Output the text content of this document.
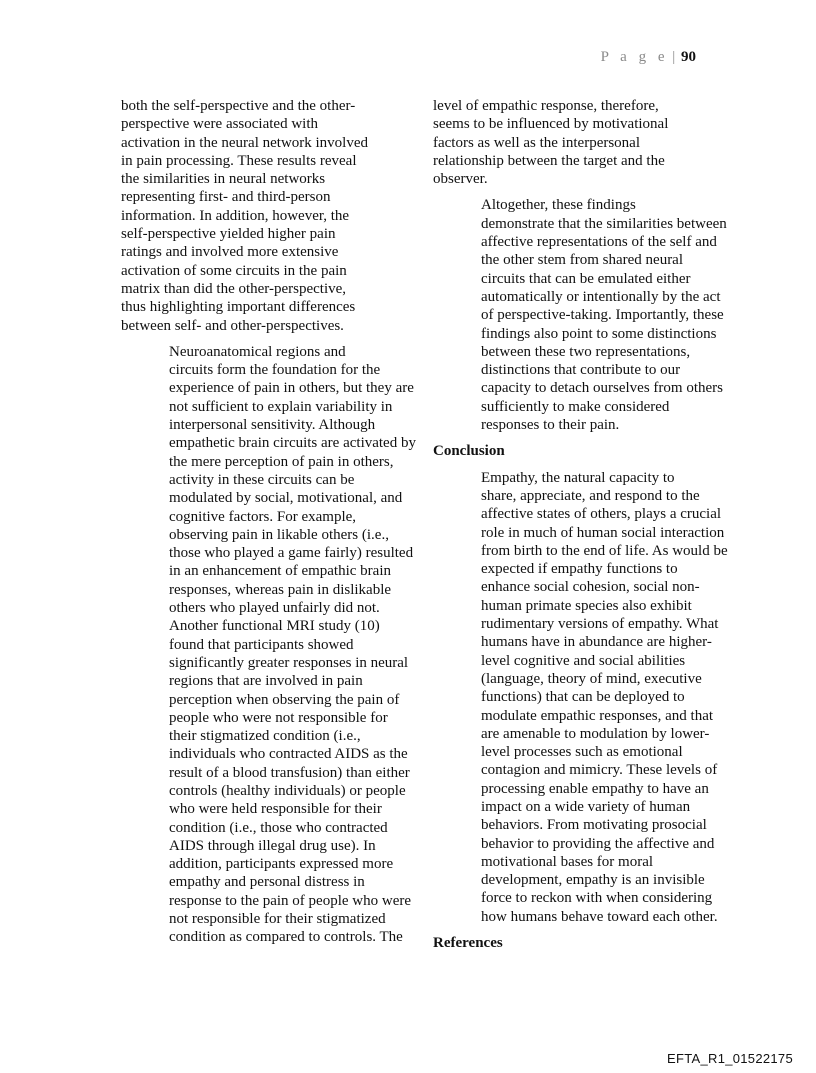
P a g e | 90

both the self-perspective and the other-
perspective were associated with
activation in the neural network involved
in pain processing. These results reveal
the similarities in neural networks
representing first- and third-person
information. In addition, however, the
self-perspective yielded higher pain
ratings and involved more extensive
activation of some circuits in the pain
matrix than did the other-perspective,
thus highlighting important differences
between self- and other-perspectives.

Neuroanatomical regions and
circuits form the foundation for the
experience of pain in others, but they are
not sufficient to explain variability in
interpersonal sensitivity. Although
empathetic brain circuits are activated by
the mere perception of pain in others,
activity in these circuits can be
modulated by social, motivational, and
cognitive factors. For example,
observing pain in likable others (i.e.,
those who played a game fairly) resulted
in an enhancement of empathic brain
responses, whereas pain in dislikable
others who played unfairly did not.
Another functional MRI study (10)
found that participants showed
significantly greater responses in neural
regions that are involved in pain
perception when observing the pain of
people who were not responsible for
their stigmatized condition (i.e.,
individuals who contracted AIDS as the
result of a blood transfusion) than either
controls (healthy individuals) or people
who were held responsible for their
condition (i.e., those who contracted
AIDS through illegal drug use). In
addition, participants expressed more
empathy and personal distress in
response to the pain of people who were
not responsible for their stigmatized
condition as compared to controls. The

level of empathic response, therefore,
seems to be influenced by motivational
factors as well as the interpersonal
relationship between the target and the
observer.

Altogether, these findings
demonstrate that the similarities between
affective representations of the self and
the other stem from shared neural
circuits that can be emulated either
automatically or intentionally by the act
of perspective-taking. Importantly, these
findings also point to some distinctions
between these two representations,
distinctions that contribute to our
capacity to detach ourselves from others
sufficiently to make considered
responses to their pain.

Conclusion

Empathy, the natural capacity to
share, appreciate, and respond to the
affective states of others, plays a crucial
role in much of human social interaction
from birth to the end of life. As would be
expected if empathy functions to
enhance social cohesion, social non-
human primate species also exhibit
rudimentary versions of empathy. What
humans have in abundance are higher-
level cognitive and social abilities
(language, theory of mind, executive
functions) that can be deployed to
modulate empathic responses, and that
are amenable to modulation by lower-
level processes such as emotional
contagion and mimicry. These levels of
processing enable empathy to have an
impact on a wide variety of human
behaviors. From motivating prosocial
behavior to providing the affective and
motivational bases for moral
development, empathy is an invisible
force to reckon with when considering
how humans behave toward each other.

References
EFTA_R1_01522175
